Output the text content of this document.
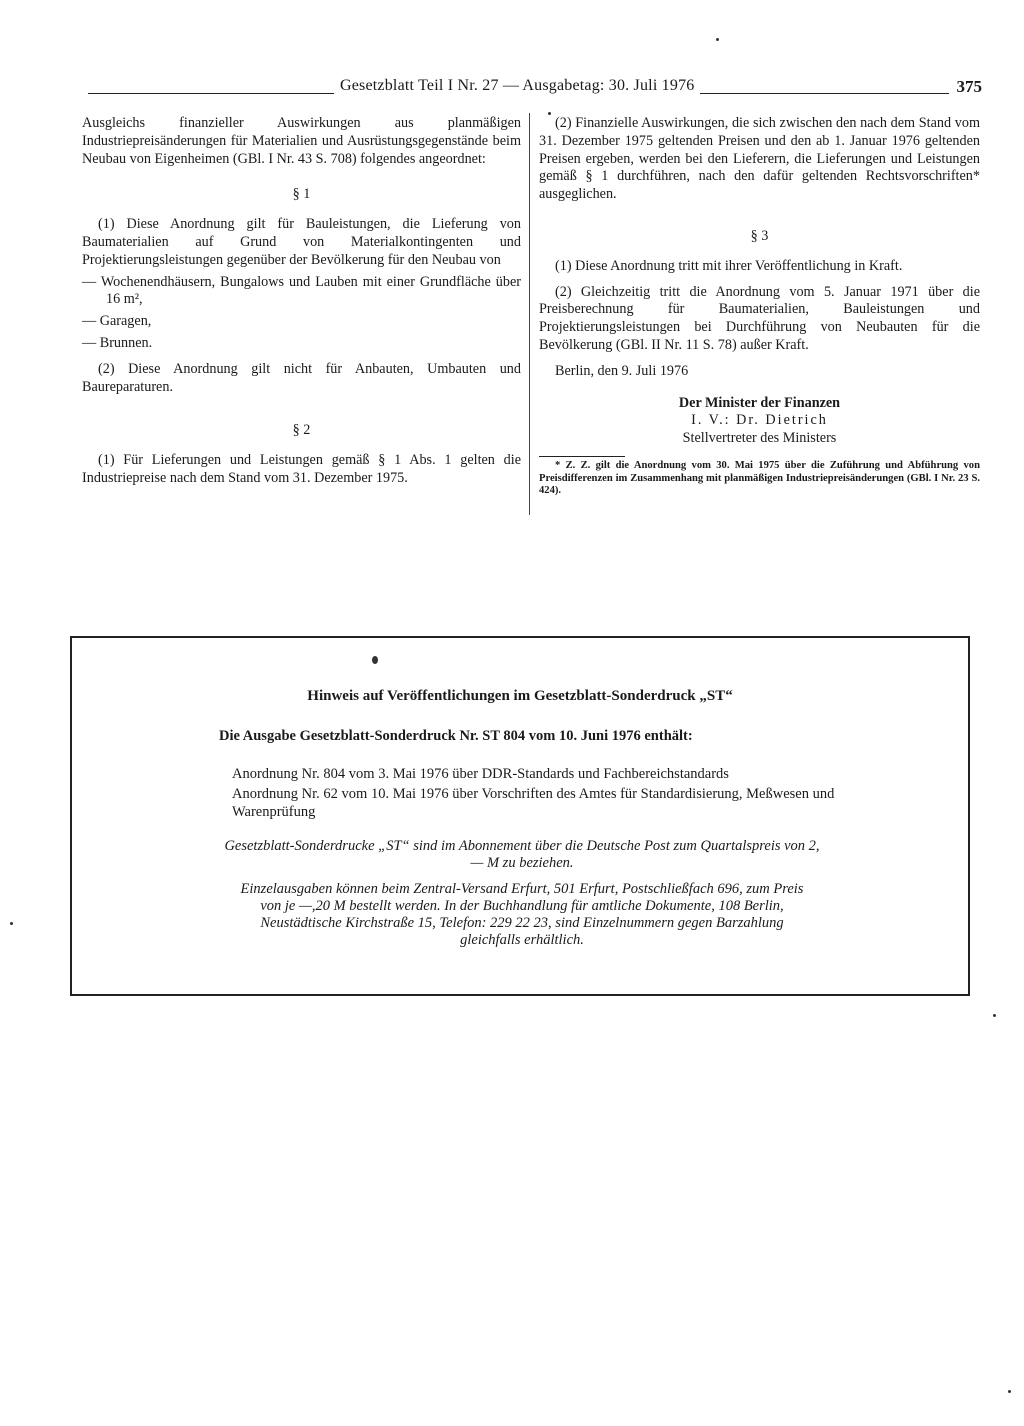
Gesetzblatt Teil I Nr. 27 — Ausgabetag: 30. Juli 1976	375

Ausgleichs finanzieller Auswirkungen aus planmäßigen Industriepreisänderungen für Materialien und Ausrüstungsgegenstände beim Neubau von Eigenheimen (GBl. I Nr. 43 S. 708) folgendes angeordnet:

§ 1

(1) Diese Anordnung gilt für Bauleistungen, die Lieferung von Baumaterialien auf Grund von Materialkontingenten und Projektierungsleistungen gegenüber der Bevölkerung für den Neubau von

— Wochenendhäusern, Bungalows und Lauben mit einer Grundfläche über 16 m²,

— Garagen,

— Brunnen.

(2) Diese Anordnung gilt nicht für Anbauten, Umbauten und Baureparaturen.

§ 2

(1) Für Lieferungen und Leistungen gemäß § 1 Abs. 1 gelten die Industriepreise nach dem Stand vom 31. Dezember 1975.

(2) Finanzielle Auswirkungen, die sich zwischen den nach dem Stand vom 31. Dezember 1975 geltenden Preisen und den ab 1. Januar 1976 geltenden Preisen ergeben, werden bei den Lieferern, die Lieferungen und Leistungen gemäß § 1 durchführen, nach den dafür geltenden Rechtsvorschriften* ausgeglichen.

§ 3

(1) Diese Anordnung tritt mit ihrer Veröffentlichung in Kraft.

(2) Gleichzeitig tritt die Anordnung vom 5. Januar 1971 über die Preisberechnung für Baumaterialien, Bauleistungen und Projektierungsleistungen bei Durchführung von Neubauten für die Bevölkerung (GBl. II Nr. 11 S. 78) außer Kraft.

Berlin, den 9. Juli 1976

Der Minister der Finanzen

I. V.: Dr. Dietrich

Stellvertreter des Ministers

* Z. Z. gilt die Anordnung vom 30. Mai 1975 über die Zuführung und Abführung von Preisdifferenzen im Zusammenhang mit planmäßigen Industriepreisänderungen (GBl. I Nr. 23 S. 424).

Hinweis auf Veröffentlichungen im Gesetzblatt-Sonderdruck „ST“
Die Ausgabe Gesetzblatt-Sonderdruck Nr. ST 804 vom 10. Juni 1976 enthält:
Anordnung Nr. 804 vom 3. Mai 1976 über DDR-Standards und Fachbereichstandards
Anordnung Nr. 62 vom 10. Mai 1976 über Vorschriften des Amtes für Standardisierung, Meßwesen und Warenprüfung
Gesetzblatt-Sonderdrucke „ST“ sind im Abonnement über die Deutsche Post zum Quartalspreis von 2,— M zu beziehen.
Einzelausgaben können beim Zentral-Versand Erfurt, 501 Erfurt, Postschließfach 696, zum Preis von je —,20 M bestellt werden. In der Buchhandlung für amtliche Dokumente, 108 Berlin, Neustädtische Kirchstraße 15, Telefon: 229 22 23, sind Einzelnummern gegen Barzahlung gleichfalls erhältlich.
